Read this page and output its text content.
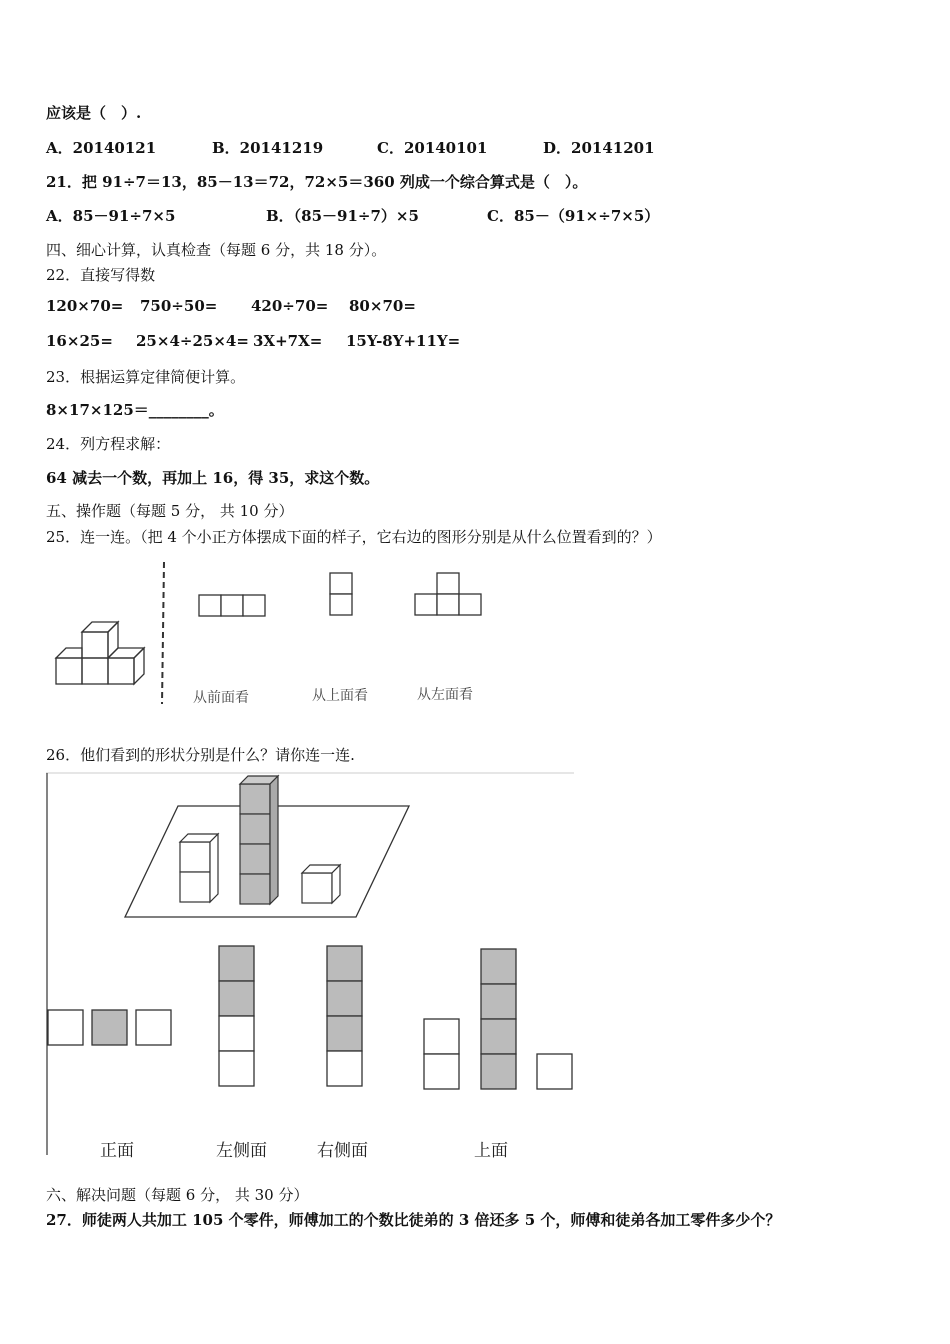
应该是（　）.
A．20140121	B．20141219	C．20140101	D．20141201
21．把 91÷7＝13，85－13＝72，72×5＝360 列成一个综合算式是（　）。
A．85－91÷7×5	B．（85－91÷7）×5	C．85－（91×÷7×5）
四、细心计算，认真检查（每题 6 分，共 18 分）。
22．直接写得数
120×70= 750÷50= 420÷70= 80×70=
16×25= 25×4÷25×4= 3X+7X= 15Y-8Y+11Y=
23．根据运算定律简便计算。
8×17×125＝________。
24．列方程求解：
64 减去一个数，再加上 16，得 35，求这个数。
五、操作题（每题 5 分， 共 10 分）
25．连一连。（把 4 个小正方体摆成下面的样子，它右边的图形分别是从什么位置看到的？）
从前面看	从上面看	从左面看
26．他们看到的形状分别是什么？请你连一连.
正面	左侧面	右侧面	上面
六、解决问题（每题 6 分， 共 30 分）
27．师徒两人共加工 105 个零件，师傅加工的个数比徒弟的 3 倍还多 5 个，师傅和徒弟各加工零件多少个？
